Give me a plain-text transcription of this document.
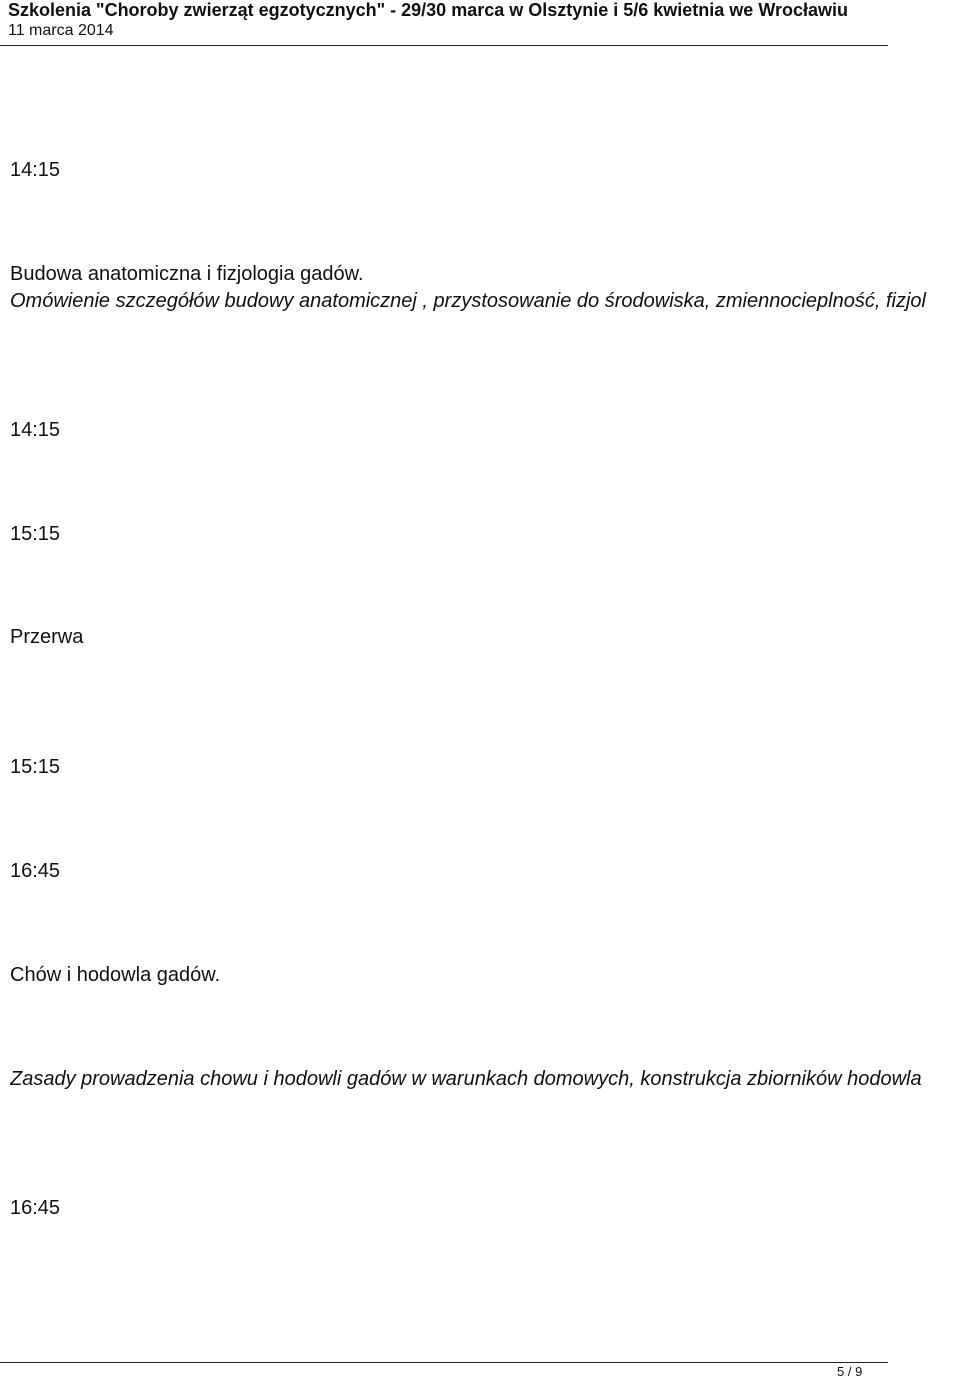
Szkolenia "Choroby zwierząt egzotycznych" - 29/30 marca w Olsztynie i 5/6 kwietnia we Wrocławiu
11 marca 2014
14:15
Budowa anatomiczna i fizjologia gadów.
Omówienie szczegółów budowy anatomicznej , przystosowanie do środowiska, zmiennocieplność, fizjol
14:15
15:15
Przerwa
15:15
16:45
Chów i hodowla gadów.
Zasady prowadzenia chowu i hodowli gadów w warunkach domowych, konstrukcja zbiorników hodowla
16:45
5 / 9
